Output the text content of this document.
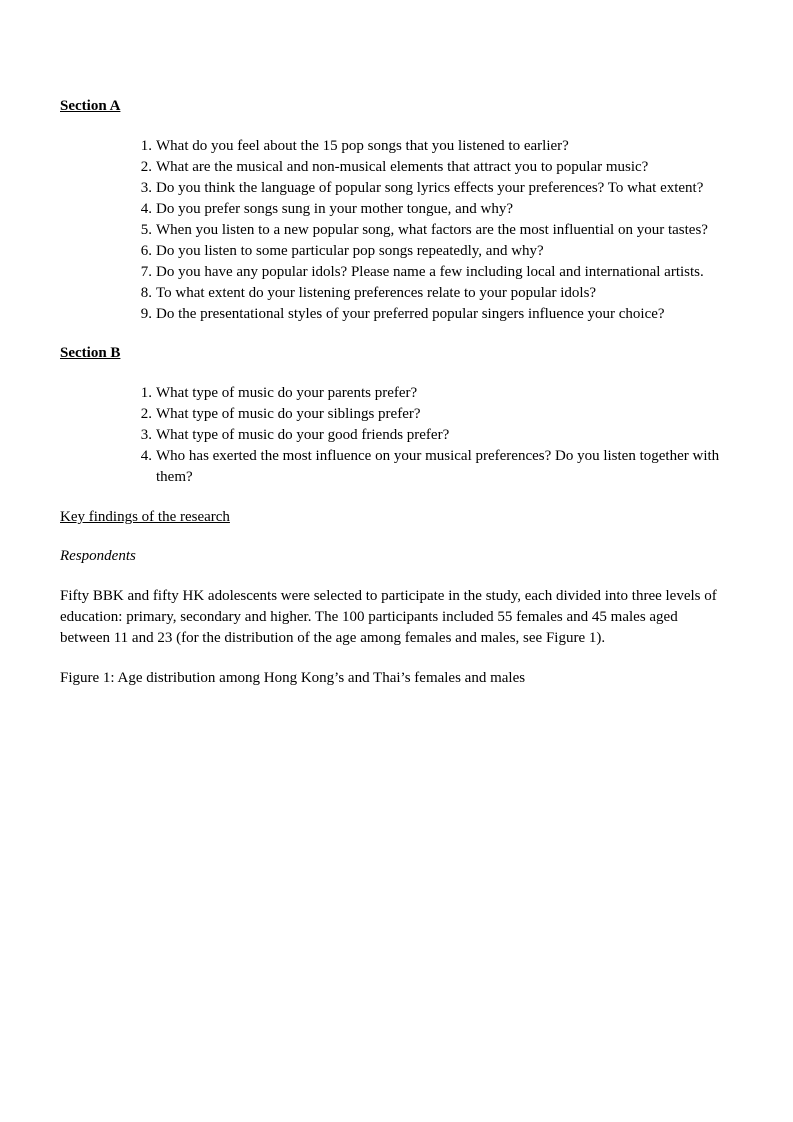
Section A
1. What do you feel about the 15 pop songs that you listened to earlier?
2. What are the musical and non-musical elements that attract you to popular music?
3. Do you think the language of popular song lyrics effects your preferences? To what extent?
4. Do you prefer songs sung in your mother tongue, and why?
5. When you listen to a new popular song, what factors are the most influential on your tastes?
6. Do you listen to some particular pop songs repeatedly, and why?
7. Do you have any popular idols? Please name a few including local and international artists.
8. To what extent do your listening preferences relate to your popular idols?
9. Do the presentational styles of your preferred popular singers influence your choice?
Section B
1. What type of music do your parents prefer?
2. What type of music do your siblings prefer?
3. What type of music do your good friends prefer?
4. Who has exerted the most influence on your musical preferences? Do you listen together with them?
Key findings of the research
Respondents

Fifty BBK and fifty HK adolescents were selected to participate in the study, each divided into three levels of education: primary, secondary and higher. The 100 participants included 55 females and 45 males aged between 11 and 23 (for the distribution of the age among females and males, see Figure 1).

Figure 1: Age distribution among Hong Kong’s and Thai’s females and males
